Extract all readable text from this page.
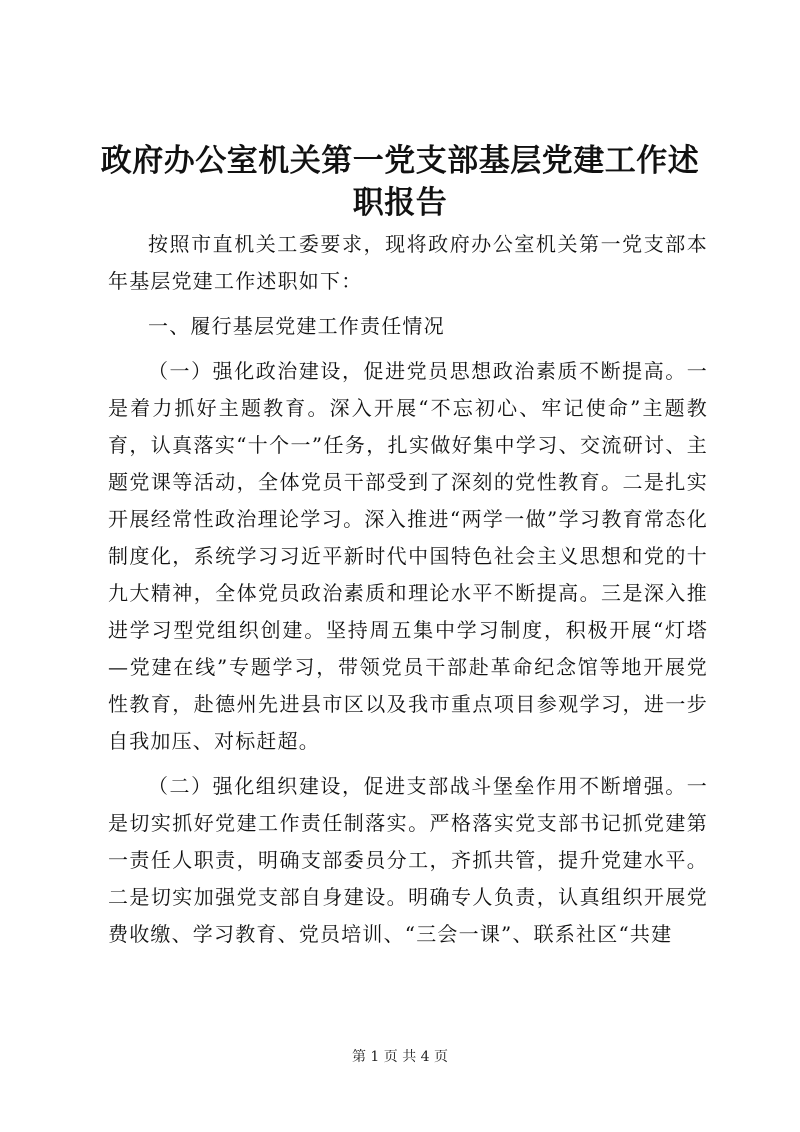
政府办公室机关第一党支部基层党建工作述职报告

按照市直机关工委要求，现将政府办公室机关第一党支部本年基层党建工作述职如下：

一、履行基层党建工作责任情况

（一）强化政治建设，促进党员思想政治素质不断提高。一是着力抓好主题教育。深入开展“不忘初心、牢记使命”主题教育，认真落实“十个一”任务，扎实做好集中学习、交流研讨、主题党课等活动，全体党员干部受到了深刻的党性教育。二是扎实开展经常性政治理论学习。深入推进“两学一做”学习教育常态化制度化，系统学习习近平新时代中国特色社会主义思想和党的十九大精神，全体党员政治素质和理论水平不断提高。三是深入推进学习型党组织创建。坚持周五集中学习制度，积极开展“灯塔—党建在线”专题学习，带领党员干部赴革命纪念馆等地开展党性教育，赴德州先进县市区以及我市重点项目参观学习，进一步自我加压、对标赶超。

（二）强化组织建设，促进支部战斗堡垒作用不断增强。一是切实抓好党建工作责任制落实。严格落实党支部书记抓党建第一责任人职责，明确支部委员分工，齐抓共管，提升党建水平。二是切实加强党支部自身建设。明确专人负责，认真组织开展党费收缴、学习教育、党员培训、“三会一课”、联系社区“共建

第 1 页 共 4 页
